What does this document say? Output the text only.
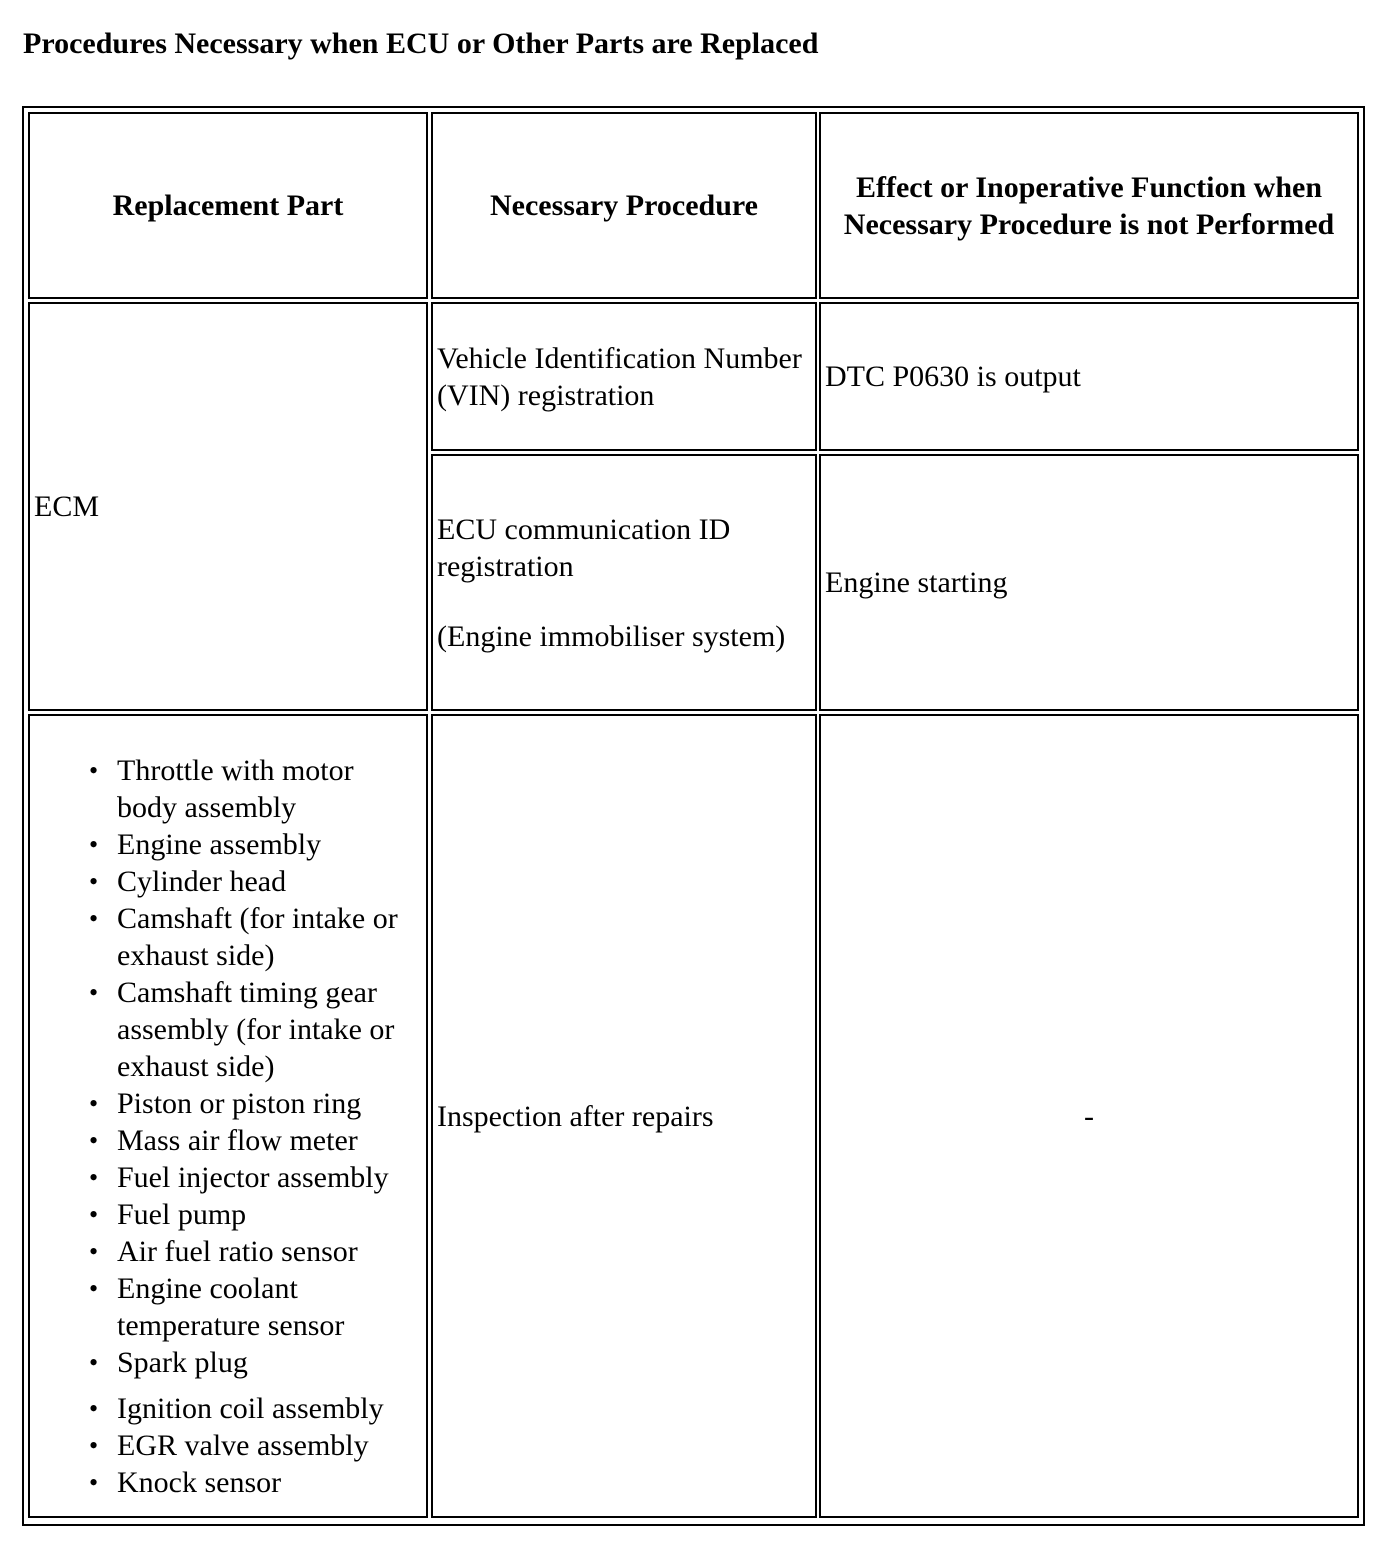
Procedures Necessary when ECU or Other Parts are Replaced
Replacement Part	Necessary Procedure
Effect or Inoperative Function when Necessary Procedure is not Performed
ECM

Vehicle Identification Number (VIN) registration

DTC P0630 is output

ECU communication ID registration

(Engine immobiliser system)

Engine starting
• Throttle with motor body assembly
• Engine assembly
• Cylinder head
• Camshaft (for intake or exhaust side)
• Camshaft timing gear assembly (for intake or exhaust side)
• Piston or piston ring
• Mass air flow meter
• Fuel injector assembly
• Fuel pump
• Air fuel ratio sensor
• Engine coolant temperature sensor
• Spark plug
• Ignition coil assembly
• EGR valve assembly
• Knock sensor
Inspection after repairs	-
